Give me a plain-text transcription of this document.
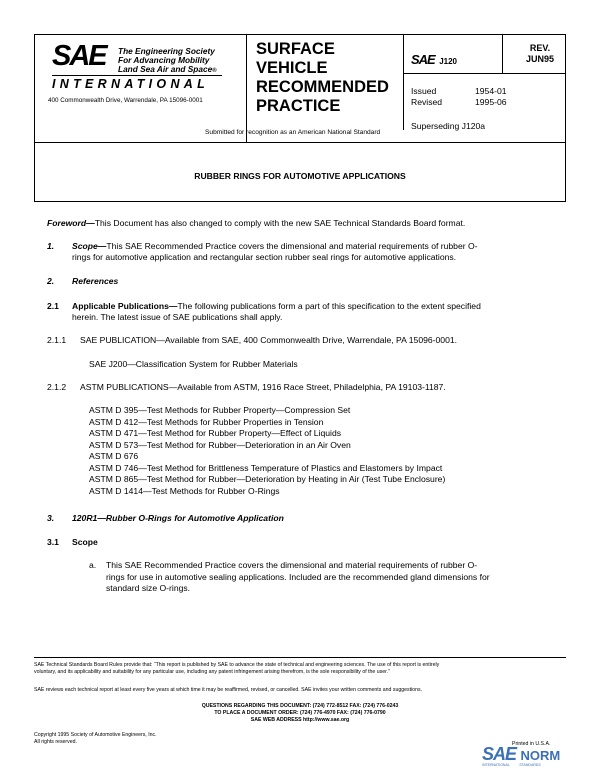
SAE The Engineering Society
For Advancing Mobility
Land Sea Air and Space®
INTERNATIONAL
400 Commonwealth Drive, Warrendale, PA 15096-0001
SURFACE
VEHICLE
RECOMMENDED
PRACTICE
SAE J120
REV.
JUN95
Issued	1954-01
Revised	1995-06
Superseding J120a
Submitted for recognition as an American National Standard
RUBBER RINGS FOR AUTOMOTIVE APPLICATIONS
Foreword—This Document has also changed to comply with the new SAE Technical Standards Board format.
1. Scope—This SAE Recommended Practice covers the dimensional and material requirements of rubber O-
rings for automotive application and rectangular section rubber seal rings for automotive applications.
2. References
2.1 Applicable Publications—The following publications form a part of this specification to the extent specified
herein. The latest issue of SAE publications shall apply.
2.1.1 SAE PUBLICATION—Available from SAE, 400 Commonwealth Drive, Warrendale, PA 15096-0001.
SAE J200—Classification System for Rubber Materials
2.1.2 ASTM PUBLICATIONS—Available from ASTM, 1916 Race Street, Philadelphia, PA 19103-1187.
ASTM D 395—Test Methods for Rubber Property—Compression Set
ASTM D 412—Test Methods for Rubber Properties in Tension
ASTM D 471—Test Method for Rubber Property—Effect of Liquids
ASTM D 573—Test Method for Rubber—Deterioration in an Air Oven
ASTM D 676
ASTM D 746—Test Method for Brittleness Temperature of Plastics and Elastomers by Impact
ASTM D 865—Test Method for Rubber—Deterioration by Heating in Air (Test Tube Enclosure)
ASTM D 1414—Test Methods for Rubber O-Rings
3. 120R1—Rubber O-Rings for Automotive Application
3.1 Scope
a. This SAE Recommended Practice covers the dimensional and material requirements of rubber O-
rings for use in automotive sealing applications. Included are the recommended gland dimensions for
standard size O-rings.
SAE Technical Standards Board Rules provide that: “This report is published by SAE to advance the state of technical and engineering sciences. The use of this report is entirely
voluntary, and its applicability and suitability for any particular use, including any patent infringement arising therefrom, is the sole responsibility of the user.”
SAE reviews each technical report at least every five years at which time it may be reaffirmed, revised, or cancelled. SAE invites your written comments and suggestions.
QUESTIONS REGARDING THIS DOCUMENT: (724) 772-8512 FAX: (724) 776-0243
TO PLACE A DOCUMENT ORDER: (724) 776-4970 FAX: (724) 776-0790
SAE WEB ADDRESS http://www.sae.org
Copyright 1995 Society of Automotive Engineers, Inc.
All rights reserved.	Printed in U.S.A.
SAE NORM
INTERNATIONAL          STANDARDS
